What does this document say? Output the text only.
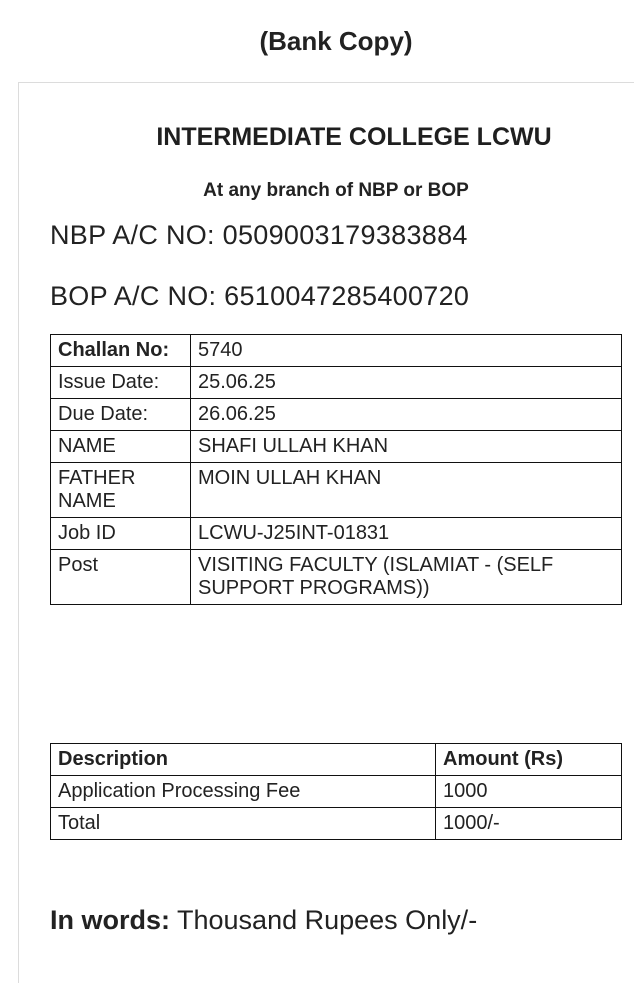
(Bank Copy)
INTERMEDIATE COLLEGE LCWU
At any branch of NBP or BOP
NBP A/C NO: 0509003179383884
BOP A/C NO: 6510047285400720
Challan No:	5740
Issue Date:	25.06.25
Due Date:	26.06.25
NAME	SHAFI ULLAH KHAN
FATHER NAME	MOIN ULLAH KHAN
Job ID	LCWU-J25INT-01831
Post	VISITING FACULTY (ISLAMIAT - (SELF SUPPORT PROGRAMS))
Description	Amount (Rs)
Application Processing Fee	1000
Total	1000/-
In words: Thousand Rupees Only/-
